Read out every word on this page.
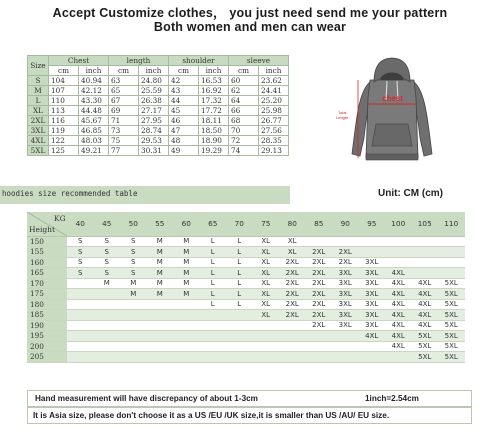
Accept Customize clothes， you just need send me your pattern
Both women and men can wear
Size	Chest		length		shoulder		sleeve	
	cm	inch	cm	inch	cm	inch	cm	inch
S	104	40.94	63	24.80	42	16.53	60	23.62
M	107	42.12	65	25.59	43	16.92	62	24.41
L	110	43.30	67	26.38	44	17.32	64	25.20
XL	113	44.48	69	27.17	45	17.72	66	25.98
2XL	116	45.67	71	27.95	46	18.11	68	26.77
3XL	119	46.85	73	28.74	47	18.50	70	27.56
4XL	122	48.03	75	29.53	48	18.90	72	28.35
5XL	125	49.21	77	30.31	49	19.29	74	29.13
chest
Total
Length
hoodies size recommended table	Unit: CM (cm)
KG
Height	40	45	50	55	60	65	70	75	80	85	90	95	100	105	110
150	S	S	S	M	M	L	L	XL	XL						
155	S	S	S	M	M	L	L	XL	XL	2XL	2XL				
160	S	S	S	M	M	L	L	XL	2XL	2XL	2XL	3XL			
165	S	S	S	M	M	L	L	XL	2XL	2XL	3XL	3XL	4XL		
170		M	M	M	M	L	L	XL	2XL	2XL	3XL	3XL	4XL	4XL	5XL
175			M	M	M	L	L	XL	2XL	2XL	3XL	3XL	4XL	4XL	5XL
180						L	L	XL	2XL	2XL	3XL	3XL	4XL	4XL	5XL
185								XL	2XL	2XL	3XL	3XL	4XL	4XL	5XL
190										2XL	3XL	3XL	4XL	4XL	5XL
195												4XL	4XL	5XL	5XL
200													4XL	5XL	5XL
205														5XL	5XL
Hand measurement will have discrepancy of about 1-3cm	1inch=2.54cm
It is Asia size, please don't choose it as a US /EU /UK size,it is smaller than US /AU/ EU size.
